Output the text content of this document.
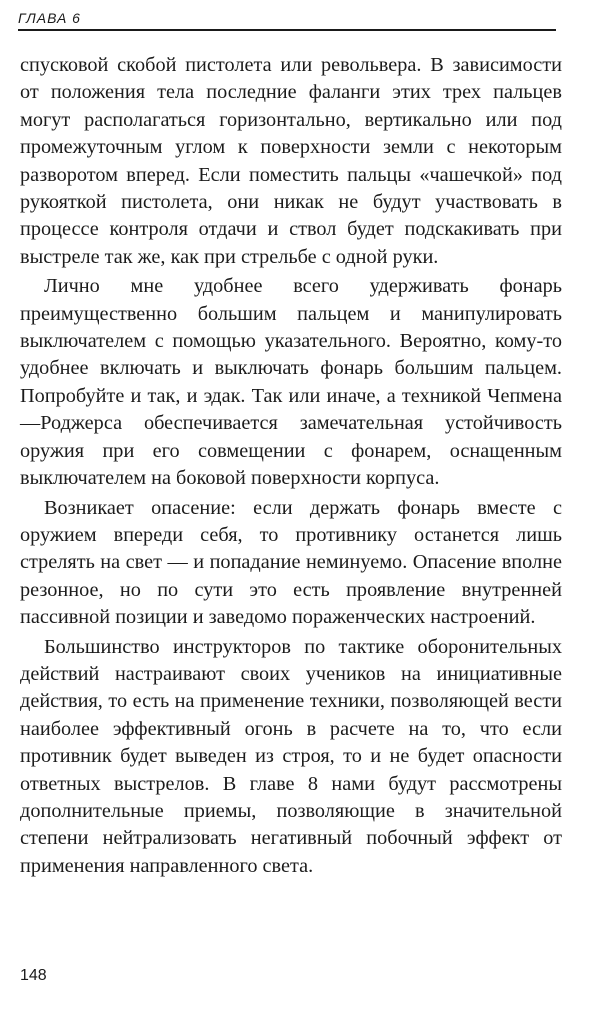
ГЛАВА 6

спусковой скобой пистолета или револьвера. В зависимости от положения тела последние фаланги этих трех пальцев могут располагаться горизонтально, вертикально или под промежуточным углом к поверхности земли с некоторым разворотом вперед. Если поместить пальцы «чашечкой» под рукояткой пистолета, они никак не будут участвовать в процессе контроля отдачи и ствол будет подскакивать при выстреле так же, как при стрельбе с одной руки.

Лично мне удобнее всего удерживать фонарь преимущественно большим пальцем и манипулировать выключателем с помощью указательного. Вероятно, кому-то удобнее включать и выключать фонарь большим пальцем. Попробуйте и так, и эдак. Так или иначе, а техникой Чепмена—Роджерса обеспечивается замечательная устойчивость оружия при его совмещении с фонарем, оснащенным выключателем на боковой поверхности корпуса.

Возникает опасение: если держать фонарь вместе с оружием впереди себя, то противнику останется лишь стрелять на свет — и попадание неминуемо. Опасение вполне резонное, но по сути это есть проявление внутренней пассивной позиции и заведомо пораженческих настроений.

Большинство инструкторов по тактике оборонительных действий настраивают своих учеников на инициативные действия, то есть на применение техники, позволяющей вести наиболее эффективный огонь в расчете на то, что если противник будет выведен из строя, то и не будет опасности ответных выстрелов. В главе 8 нами будут рассмотрены дополнительные приемы, позволяющие в значительной степени нейтрализовать негативный побочный эффект от применения направленного света.

148
